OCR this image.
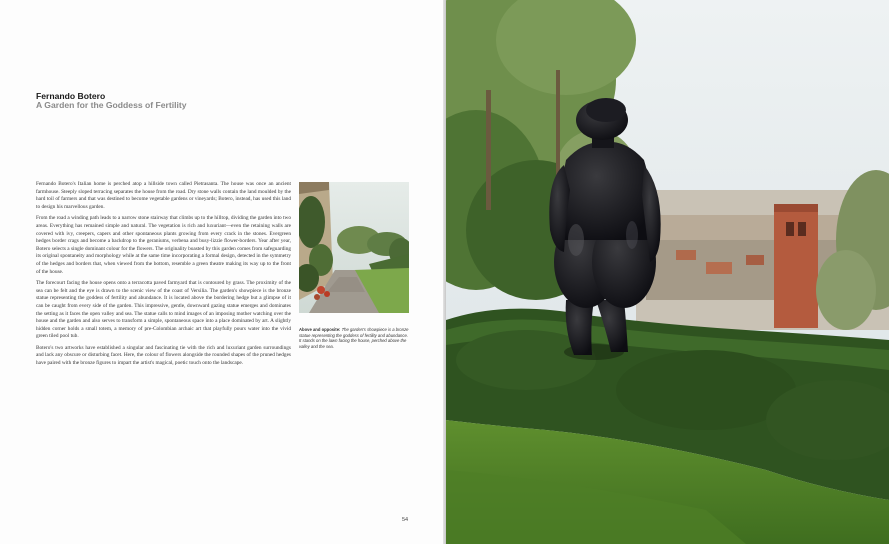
Fernando Botero
A Garden for the Goddess of Fertility

Fernando Botero's Italian home is perched atop a hillside town called Pietrasanta. The house was once an ancient farmhouse. Steeply sloped terracing separates the house from the road. Dry stone walls contain the land moulded by the hard toil of farmers and that was destined to become vegetable gardens or vineyards; Botero, instead, has used this land to design his marvellous garden.

From the road a winding path leads to a narrow stone stairway that climbs up to the hilltop, dividing the garden into two areas. Everything has remained simple and natural. The vegetation is rich and luxuriant—even the retaining walls are covered with ivy, creepers, capers and other spontaneous plants growing from every crack in the stones. Evergreen hedges border crags and become a backdrop to the geraniums, verbena and busy-lizzie flower-borders. Year after year, Botero selects a single dominant colour for the flowers. The originality boasted by this garden comes from safeguarding its original spontaneity and morphology while at the same time incorporating a formal design, detected in the symmetry of the hedges and borders that, when viewed from the bottom, resemble a green theatre making its way up to the front of the house.

The forecourt facing the house opens onto a terracotta paved farmyard that is contoured by grass. The proximity of the sea can be felt and the eye is drawn to the scenic view of the coast of Versilia. The garden's showpiece is the bronze statue representing the goddess of fertility and abundance. It is located above the bordering hedge but a glimpse of it can be caught from every side of the garden. This impressive, gentle, downward gazing statue emerges and dominates the setting as it faces the open valley and sea. The statue calls to mind images of an imposing mother watching over the house and the garden and also serves to transform a simple, spontaneous space into a place dominated by art. A slightly hidden corner holds a small totem, a memory of pre-Colombian archaic art that playfully pours water into the vivid green tiled pool tub.

Botero's two artworks have established a singular and fascinating tie with the rich and luxuriant garden surroundings and lack any obscure or disturbing facet. Here, the colour of flowers alongside the rounded shapes of the pruned hedges have paired with the bronze figures to impart the artist's magical, poetic touch onto the landscape.

Above and opposite: The garden's showpiece is a bronze statue representing the goddess of fertility and abundance. It stands on the lawn facing the house, perched above the valley and the sea.
54
